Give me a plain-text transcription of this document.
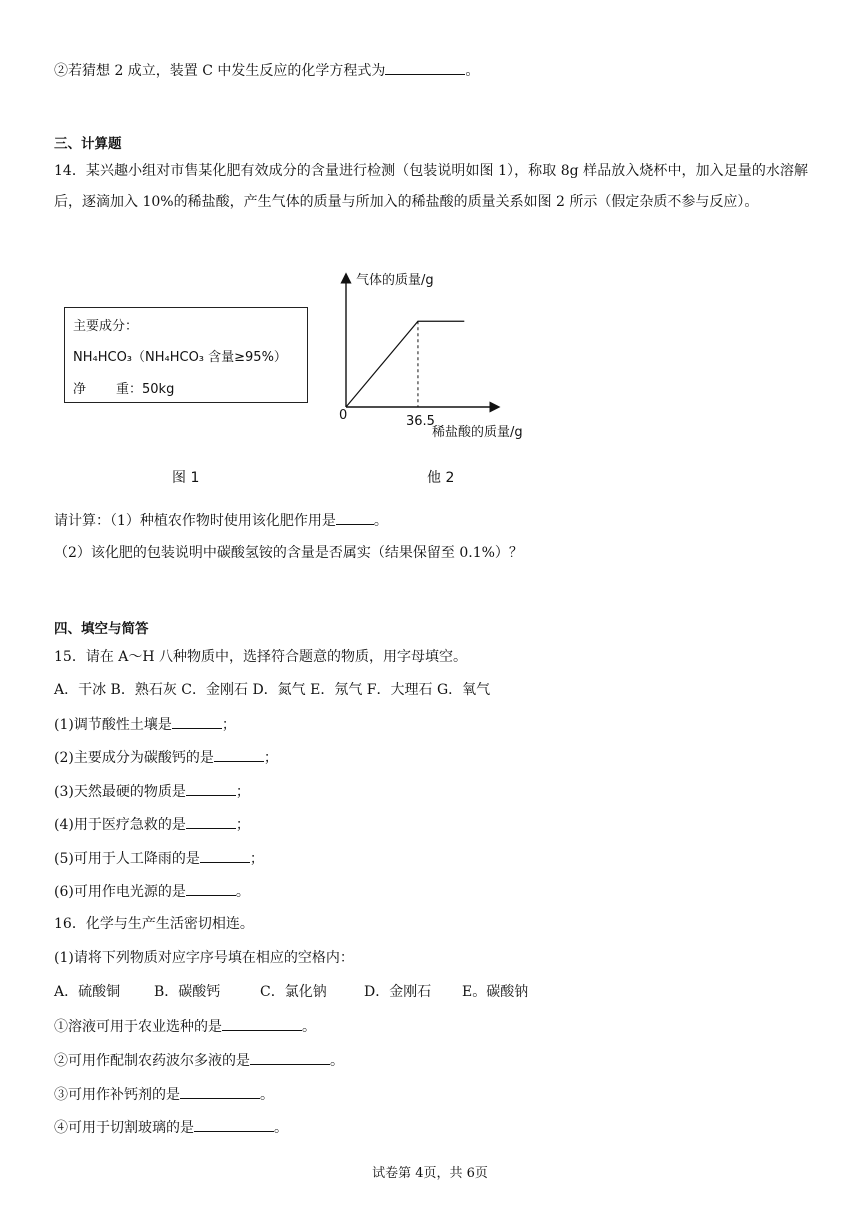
②若猜想 2 成立，装置 C 中发生反应的化学方程式为	。
三、计算题
14．某兴趣小组对市售某化肥有效成分的含量进行检测（包装说明如图 1），称取 8g 样品放入烧杯中，加入足量的水溶解后，逐滴加入 10%的稀盐酸，产生气体的质量与所加入的稀盐酸的质量关系如图 2 所示（假定杂质不参与反应）。
主要成分：
NH₄HCO₃（NH₄HCO₃ 含量≥95%）
净 重：50kg
图 1
气体的质量/g
稀盐酸的质量/g
0	36.5
他 2
请计算：（1）种植农作物时使用该化肥作用是	。
（2）该化肥的包装说明中碳酸氢铵的含量是否属实（结果保留至 0.1%）？
四、填空与简答
15．请在 A～H 八种物质中，选择符合题意的物质，用字母填空。
A．干冰 B．熟石灰 C．金刚石 D．氮气 E．氖气 F．大理石 G．氧气
(1)调节酸性土壤是	；
(2)主要成分为碳酸钙的是	；
(3)天然最硬的物质是	；
(4)用于医疗急救的是	；
(5)可用于人工降雨的是	；
(6)可用作电光源的是	。
16．化学与生产生活密切相连。
(1)请将下列物质对应字序号填在相应的空格内：
A．硫酸铜 B．碳酸钙	C．氯化钠	D．金刚石 E。碳酸钠
①溶液可用于农业选种的是	。
②可用作配制农药波尔多液的是	。
③可用作补钙剂的是	。
④可用于切割玻璃的是	。
试卷第 4页，共 6页
